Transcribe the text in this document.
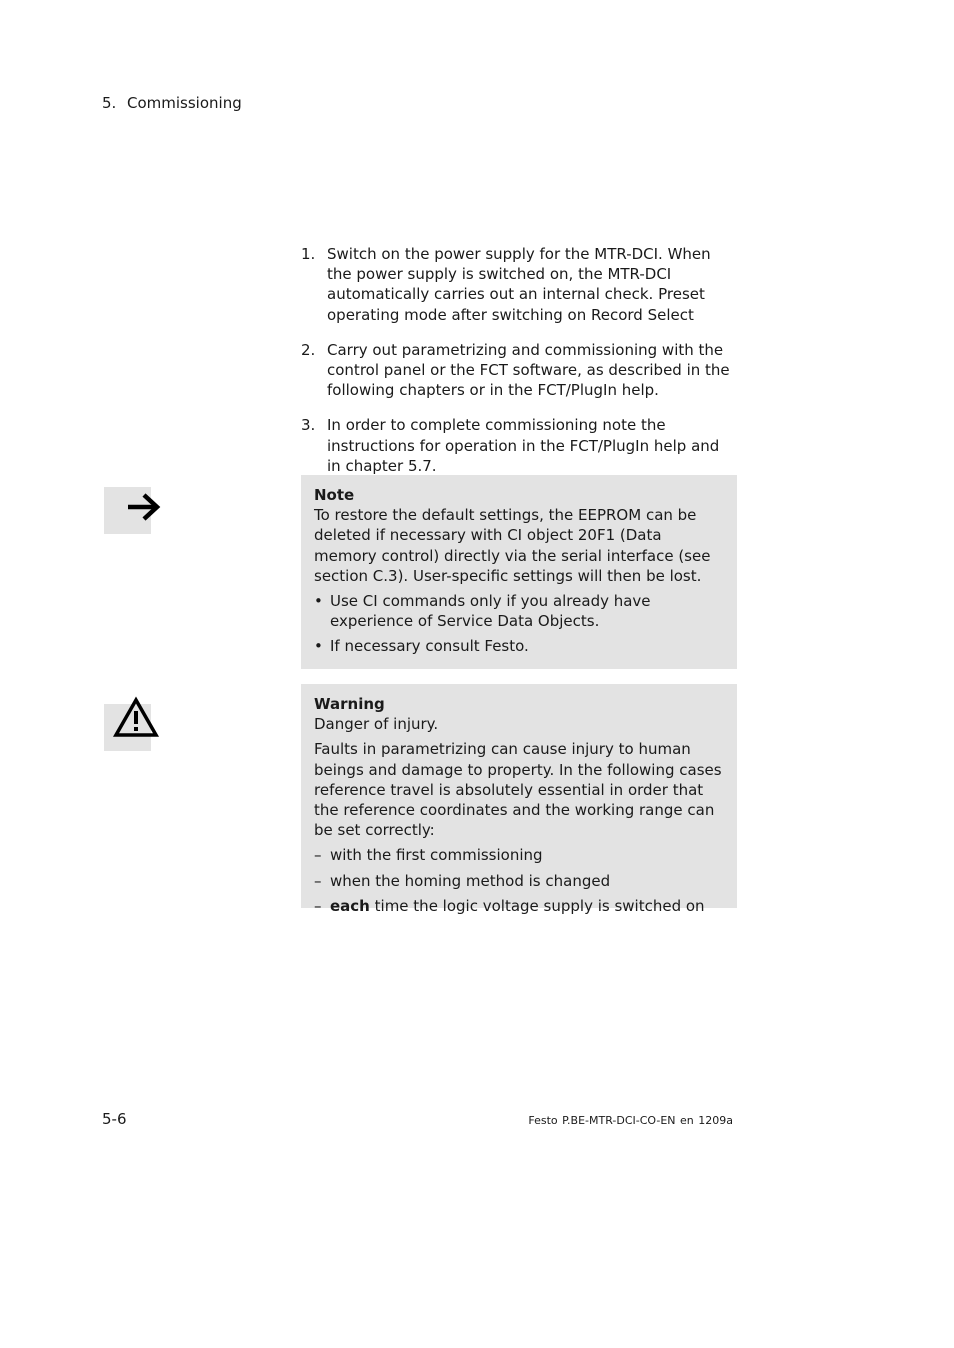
5. Commissioning
1. Switch on the power supply for the MTR-DCI. When the power supply is switched on, the MTR-DCI automatically carries out an internal check. Preset operating mode after switching on Record Select
2. Carry out parametrizing and commissioning with the control panel or the FCT software, as described in the following chapters or in the FCT/PlugIn help.
3. In order to complete commissioning note the instructions for operation in the FCT/PlugIn help and in chapter 5.7.
Note

To restore the default settings, the EEPROM can be deleted if necessary with CI object 20F1 (Data memory control) directly via the serial interface (see section C.3). User-specific settings will then be lost.

• Use CI commands only if you already have experience of Service Data Objects.
• If necessary consult Festo.
Warning

Danger of injury.

Faults in parametrizing can cause injury to human beings and damage to property. In the following cases reference travel is absolutely essential in order that the reference coordinates and the working range can be set correctly:

– with the first commissioning
– when the homing method is changed
– each time the logic voltage supply is switched on
5-6	Festo P.BE-MTR-DCI-CO-EN en 1209a
